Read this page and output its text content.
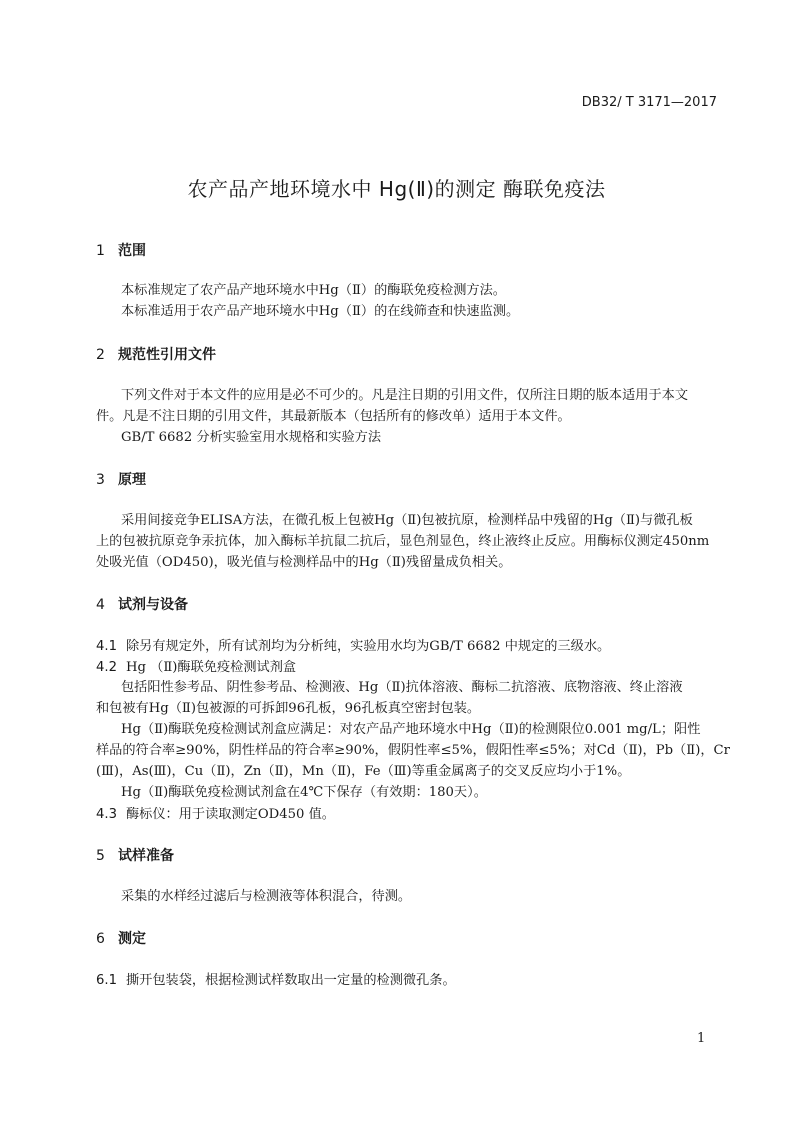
DB32/ T 3171—2017
农产品产地环境水中 Hg(Ⅱ)的测定 酶联免疫法
1 范围
本标准规定了农产品产地环境水中Hg（Ⅱ）的酶联免疫检测方法。
本标准适用于农产品产地环境水中Hg（Ⅱ）的在线筛查和快速监测。
2 规范性引用文件
下列文件对于本文件的应用是必不可少的。凡是注日期的引用文件，仅所注日期的版本适用于本文
件。凡是不注日期的引用文件，其最新版本（包括所有的修改单）适用于本文件。
GB/T 6682 分析实验室用水规格和实验方法
3 原理
采用间接竞争ELISA方法，在微孔板上包被Hg（Ⅱ)包被抗原，检测样品中残留的Hg（Ⅱ)与微孔板
上的包被抗原竞争汞抗体，加入酶标羊抗鼠二抗后，显色剂显色，终止液终止反应。用酶标仪测定450nm
处吸光值（OD450)，吸光值与检测样品中的Hg（Ⅱ)残留量成负相关。
4 试剂与设备
4.1 除另有规定外，所有试剂均为分析纯，实验用水均为GB/T 6682 中规定的三级水。
4.2 Hg （Ⅱ)酶联免疫检测试剂盒
包括阳性参考品、阴性参考品、检测液、Hg（Ⅱ)抗体溶液、酶标二抗溶液、底物溶液、终止溶液
和包被有Hg（Ⅱ)包被源的可拆卸96孔板，96孔板真空密封包装。
Hg（Ⅱ)酶联免疫检测试剂盒应满足：对农产品产地环境水中Hg（Ⅱ)的检测限位0.001 mg/L；阳性
样品的符合率≥90%，阴性样品的符合率≥90%，假阴性率≤5%，假阳性率≤5%；对Cd（Ⅱ)，Pb（Ⅱ)，Cr
(Ⅲ)，As(Ⅲ)，Cu（Ⅱ)，Zn（Ⅱ)，Mn（Ⅱ)，Fe（Ⅲ)等重金属离子的交叉反应均小于1%。
Hg（Ⅱ)酶联免疫检测试剂盒在4℃下保存（有效期：180天）。
4.3 酶标仪：用于读取测定OD450 值。
5 试样准备
采集的水样经过滤后与检测液等体积混合，待测。
6 测定
6.1 撕开包装袋，根据检测试样数取出一定量的检测微孔条。
1
